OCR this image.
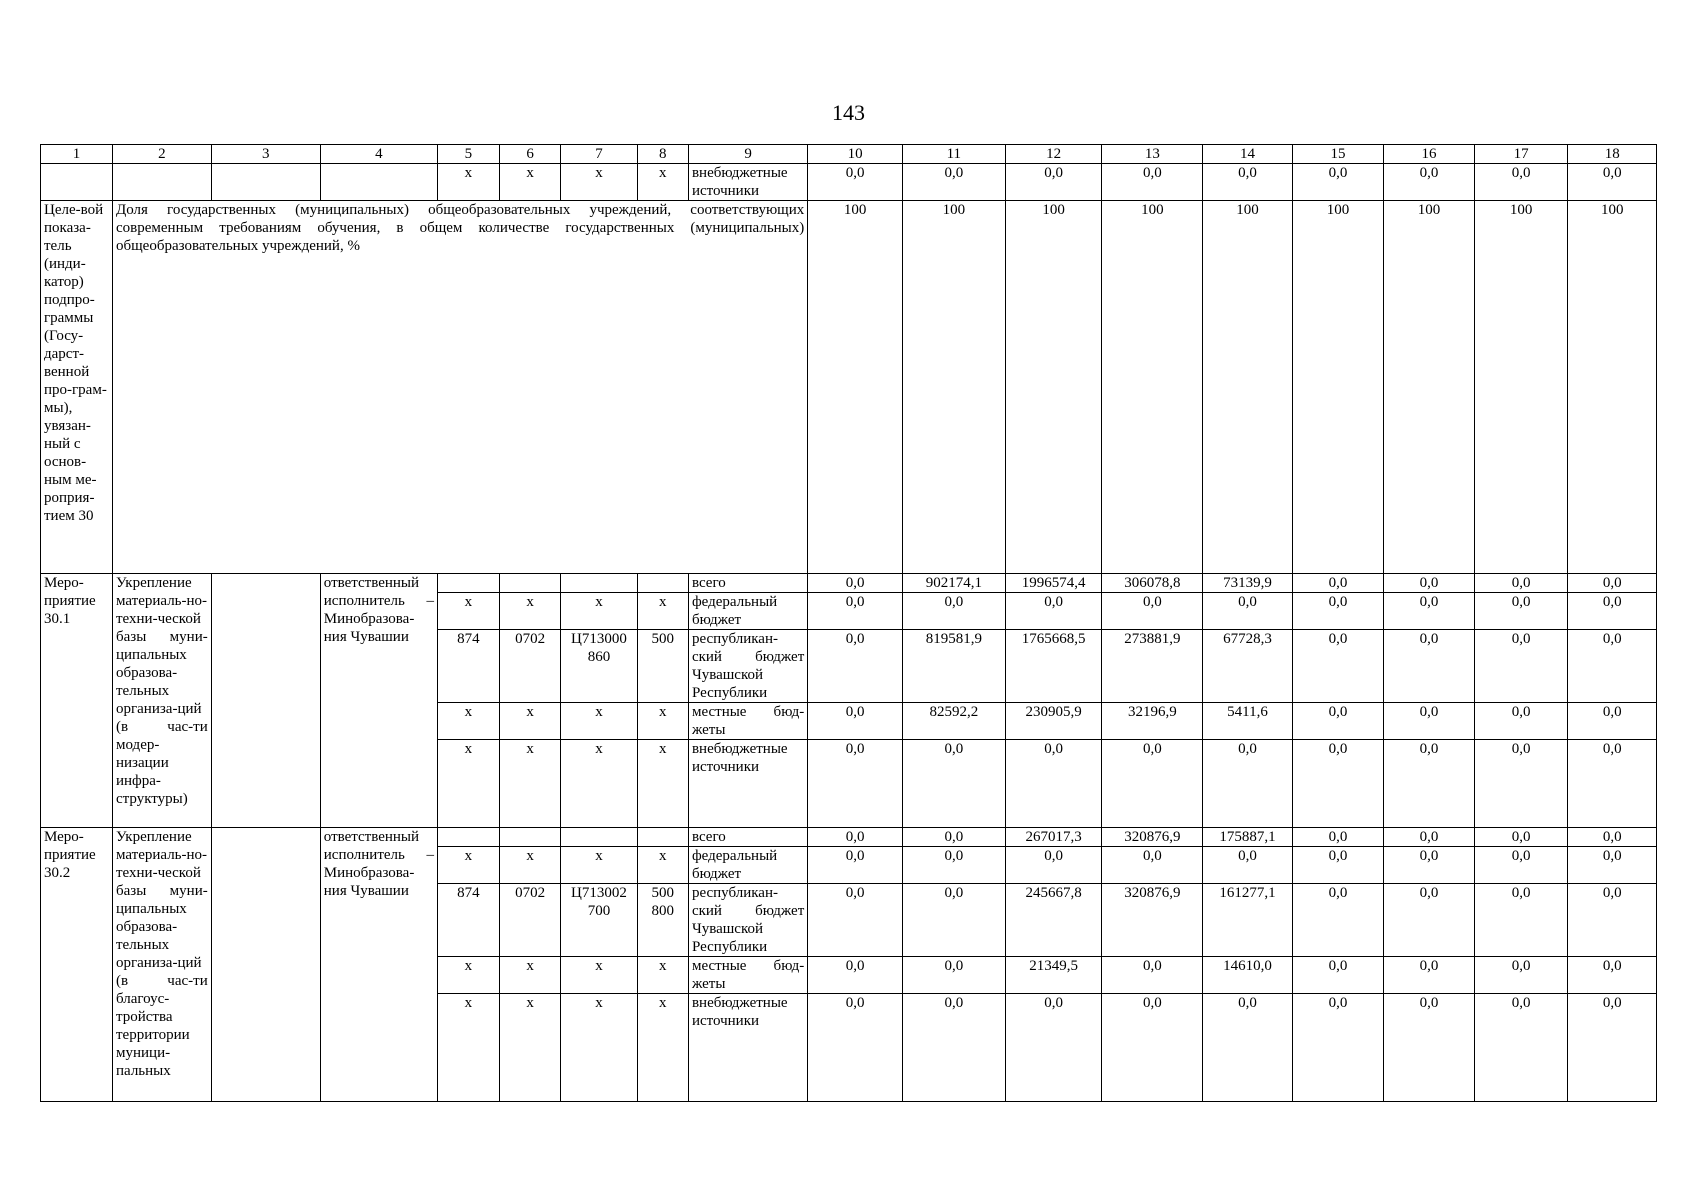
143
1	2	3	4	5	6	7	8	9	10	11	12	13	14	15	16	17	18
				х	х	х	х	внебюджетные источники	0,0	0,0	0,0	0,0	0,0	0,0	0,0	0,0	0,0
Целе-вой показа-тель (инди-катор) подпро-граммы (Госу-дарст-венной про-грам-мы), увязан-ный с основ-ным ме-роприя-тием 30	Доля государственных (муниципальных) общеобразовательных учреждений, соответствующих современным требованиям обучения, в общем количестве государственных (муниципальных) общеобразовательных учреждений, %								100	100	100	100	100	100	100	100	100
Меро-приятие 30.1	Укрепление материаль-но-техни-ческой базы муни-ципальных образова-тельных организа-ций (в час-ти модер-низации инфра-структуры)		ответственный исполнитель – Минобразова-ния Чувашии					всего	0,0	902174,1	1996574,4	306078,8	73139,9	0,0	0,0	0,0	0,0
				х	х	х	х	федеральный бюджет	0,0	0,0	0,0	0,0	0,0	0,0	0,0	0,0	0,0
				874	0702	Ц713000 860	500	республикан-ский бюджет Чувашской Республики	0,0	819581,9	1765668,5	273881,9	67728,3	0,0	0,0	0,0	0,0
				х	х	х	х	местные бюд-жеты	0,0	82592,2	230905,9	32196,9	5411,6	0,0	0,0	0,0	0,0
				х	х	х	х	внебюджетные источники	0,0	0,0	0,0	0,0	0,0	0,0	0,0	0,0	0,0
Меро-приятие 30.2	Укрепление материаль-но-техни-ческой базы муни-ципальных образова-тельных организа-ций (в час-ти благоус-тройства территории муници-пальных		ответственный исполнитель – Минобразова-ния Чувашии					всего	0,0	0,0	267017,3	320876,9	175887,1	0,0	0,0	0,0	0,0
				х	х	х	х	федеральный бюджет	0,0	0,0	0,0	0,0	0,0	0,0	0,0	0,0	0,0
				874	0702	Ц713002 700	500 800	республикан-ский бюджет Чувашской Республики	0,0	0,0	245667,8	320876,9	161277,1	0,0	0,0	0,0	0,0
				х	х	х	х	местные бюд-жеты	0,0	0,0	21349,5	0,0	14610,0	0,0	0,0	0,0	0,0
				х	х	х	х	внебюджетные источники	0,0	0,0	0,0	0,0	0,0	0,0	0,0	0,0	0,0
